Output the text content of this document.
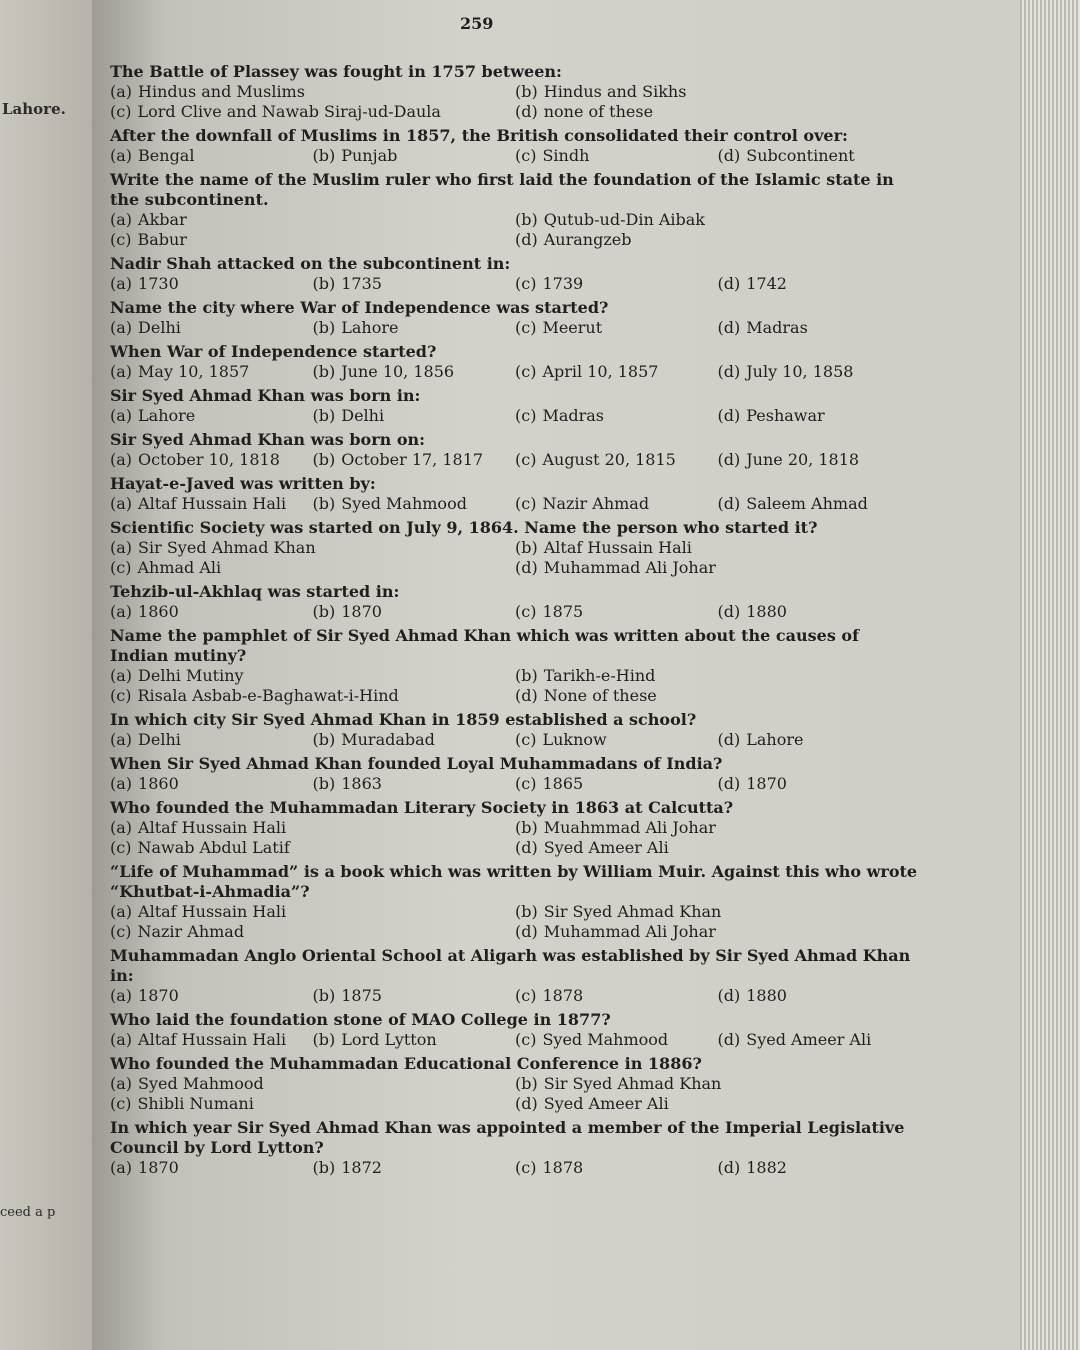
Lahore.
ceed a p
259
The Battle of Plassey was fought in 1757 between:
(a) Hindus and Muslims	(b) Hindus and Sikhs
(c) Lord Clive and Nawab Siraj-ud-Daula	(d) none of these
After the downfall of Muslims in 1857, the British consolidated their control over:
(a) Bengal	(b) Punjab	(c) Sindh	(d) Subcontinent
Write the name of the Muslim ruler who first laid the foundation of the Islamic state in the subcontinent.
(a) Akbar	(b) Qutub-ud-Din Aibak
(c) Babur	(d) Aurangzeb
Nadir Shah attacked on the subcontinent in:
(a) 1730	(b) 1735	(c) 1739	(d) 1742
Name the city where War of Independence was started?
(a) Delhi	(b) Lahore	(c) Meerut	(d) Madras
When War of Independence started?
(a) May 10, 1857	(b) June 10, 1856	(c) April 10, 1857	(d) July 10, 1858
Sir Syed Ahmad Khan was born in:
(a) Lahore	(b) Delhi	(c) Madras	(d) Peshawar
Sir Syed Ahmad Khan was born on:
(a) October 10, 1818	(b) October 17, 1817	(c) August 20, 1815	(d) June 20, 1818
Hayat-e-Javed was written by:
(a) Altaf Hussain Hali	(b) Syed Mahmood	(c) Nazir Ahmad	(d) Saleem Ahmad
Scientific Society was started on July 9, 1864. Name the person who started it?
(a) Sir Syed Ahmad Khan	(b) Altaf Hussain Hali
(c) Ahmad Ali	(d) Muhammad Ali Johar
Tehzib-ul-Akhlaq was started in:
(a) 1860	(b) 1870	(c) 1875	(d) 1880
Name the pamphlet of Sir Syed Ahmad Khan which was written about the causes of Indian mutiny?
(a) Delhi Mutiny	(b) Tarikh-e-Hind
(c) Risala Asbab-e-Baghawat-i-Hind	(d) None of these
In which city Sir Syed Ahmad Khan in 1859 established a school?
(a) Delhi	(b) Muradabad	(c) Luknow	(d) Lahore
When Sir Syed Ahmad Khan founded Loyal Muhammadans of India?
(a) 1860	(b) 1863	(c) 1865	(d) 1870
Who founded the Muhammadan Literary Society in 1863 at Calcutta?
(a) Altaf Hussain Hali	(b) Muahmmad Ali Johar
(c) Nawab Abdul Latif	(d) Syed Ameer Ali
“Life of Muhammad” is a book which was written by William Muir. Against this who wrote “Khutbat-i-Ahmadia”?
(a) Altaf Hussain Hali	(b) Sir Syed Ahmad Khan
(c) Nazir Ahmad	(d) Muhammad Ali Johar
Muhammadan Anglo Oriental School at Aligarh was established by Sir Syed Ahmad Khan in:
(a) 1870	(b) 1875	(c) 1878	(d) 1880
Who laid the foundation stone of MAO College in 1877?
(a) Altaf Hussain Hali	(b) Lord Lytton	(c) Syed Mahmood	(d) Syed Ameer Ali
Who founded the Muhammadan Educational Conference in 1886?
(a) Syed Mahmood	(b) Sir Syed Ahmad Khan
(c) Shibli Numani	(d) Syed Ameer Ali
In which year Sir Syed Ahmad Khan was appointed a member of the Imperial Legislative Council by Lord Lytton?
(a) 1870	(b) 1872	(c) 1878	(d) 1882
